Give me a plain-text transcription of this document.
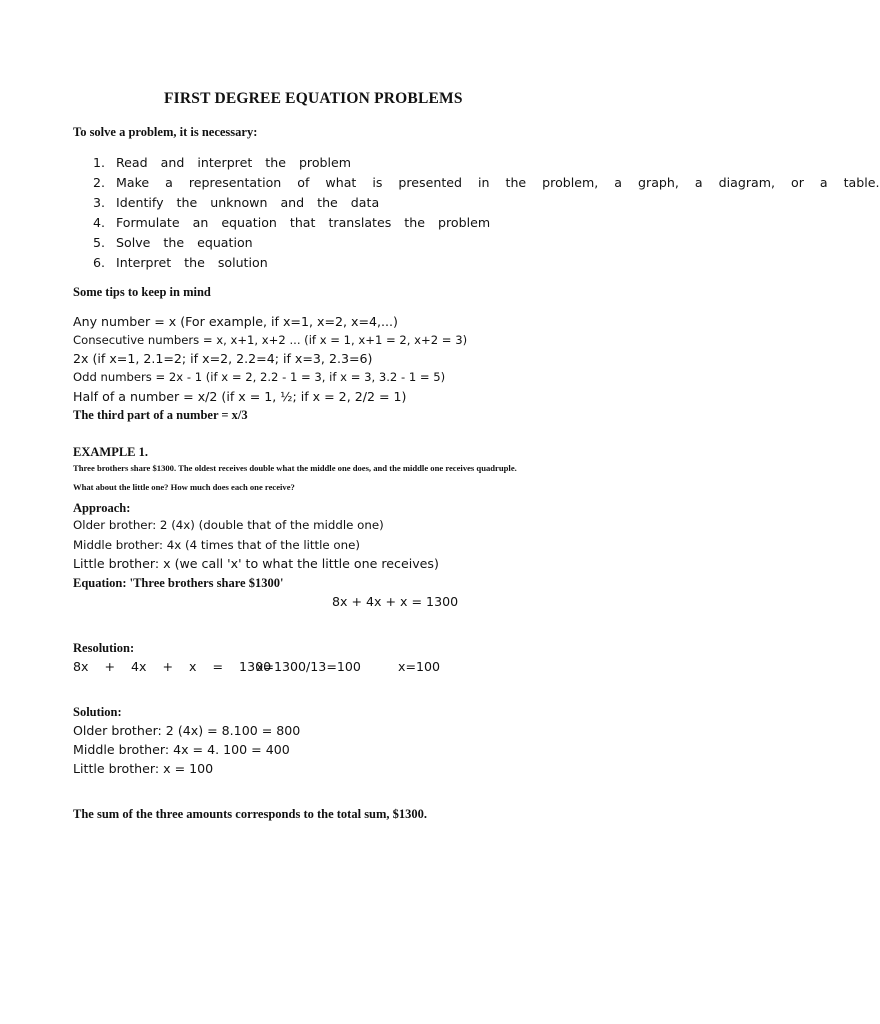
FIRST DEGREE EQUATION PROBLEMS
To solve a problem, it is necessary:
1. Read and interpret the problem
2. Make a representation of what is presented in the problem, a graph, a diagram, or a table.
3. Identify the unknown and the data
4. Formulate an equation that translates the problem
5. Solve the equation
6. Interpret the solution
Some tips to keep in mind
Any number = x (For example, if x=1, x=2, x=4,...)
Consecutive numbers = x, x+1, x+2 ... (if x = 1, x+1 = 2, x+2 = 3)
2x (if x=1, 2.1=2; if x=2, 2.2=4; if x=3, 2.3=6)
Odd numbers = 2x - 1 (if x = 2, 2.2 - 1 = 3, if x = 3, 3.2 - 1 = 5)
Half of a number = x/2 (if x = 1, ½; if x = 2, 2/2 = 1)
The third part of a number = x/3
EXAMPLE 1.
Three brothers share $1300. The oldest receives double what the middle one does, and the middle one receives quadruple.
What about the little one? How much does each one receive?
Approach:
Older brother: 2 (4x) (double that of the middle one)
Middle brother: 4x (4 times that of the little one)
Little brother: x (we call 'x' to what the little one receives)
Equation: 'Three brothers share $1300'
8x + 4x + x = 1300
Resolution:
8x + 4x + x = 1300
x=1300/13=100	x=100
Solution:
Older brother: 2 (4x) = 8.100 = 800
Middle brother: 4x = 4. 100 = 400
Little brother: x = 100
The sum of the three amounts corresponds to the total sum, $1300.
